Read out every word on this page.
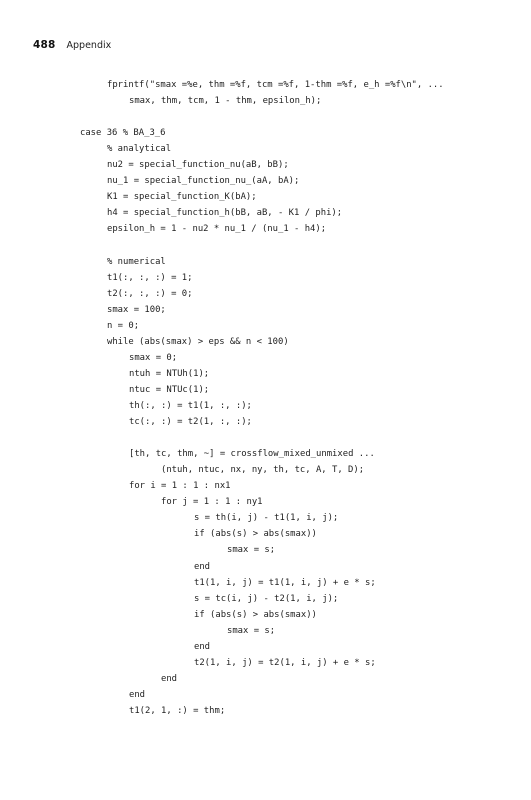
488 Appendix
fprintf("smax =%e, thm =%f, tcm =%f, 1-thm =%f, e_h =%f\n", ...
smax, thm, tcm, 1 - thm, epsilon_h);
case 36 % BA_3_6
% analytical
nu2 = special_function_nu(aB, bB);
nu_1 = special_function_nu_(aA, bA);
K1 = special_function_K(bA);
h4 = special_function_h(bB, aB, - K1 / phi);
epsilon_h = 1 - nu2 * nu_1 / (nu_1 - h4);
% numerical
t1(:, :, :) = 1;
t2(:, :, :) = 0;
smax = 100;
n = 0;
while (abs(smax) > eps && n < 100)
smax = 0;
ntuh = NTUh(1);
ntuc = NTUc(1);
th(:, :) = t1(1, :, :);
tc(:, :) = t2(1, :, :);
[th, tc, thm, ~] = crossflow_mixed_unmixed ...
(ntuh, ntuc, nx, ny, th, tc, A, T, D);
for i = 1 : 1 : nx1
for j = 1 : 1 : ny1
s = th(i, j) - t1(1, i, j);
if (abs(s) > abs(smax))
smax = s;
end
t1(1, i, j) = t1(1, i, j) + e * s;
s = tc(i, j) - t2(1, i, j);
if (abs(s) > abs(smax))
smax = s;
end
t2(1, i, j) = t2(1, i, j) + e * s;
end
end
t1(2, 1, :) = thm;
